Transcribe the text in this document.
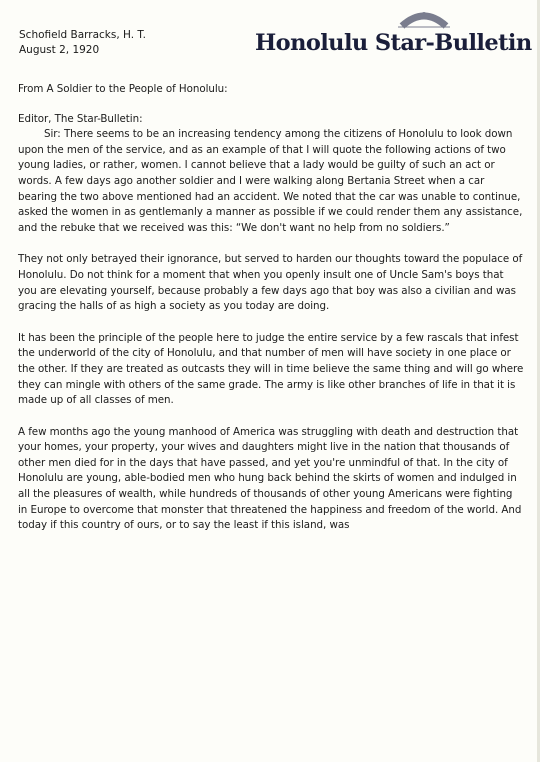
Schofield Barracks, H. T.
August 2, 1920	Honolulu Star-Bulletin

From A Soldier to the People of Honolulu:

Editor, The Star-Bulletin:

Sir: There seems to be an increasing tendency among the citizens of Honolulu to look down upon the men of the service, and as an example of that I will quote the following actions of two young ladies, or rather, women. I cannot believe that a lady would be guilty of such an act or words. A few days ago another soldier and I were walking along Bertania Street when a car bearing the two above mentioned had an accident. We noted that the car was unable to continue, asked the women in as gentlemanly a manner as possible if we could render them any assistance, and the rebuke that we received was this: “We don't want no help from no soldiers.”

They not only betrayed their ignorance, but served to harden our thoughts toward the populace of Honolulu. Do not think for a moment that when you openly insult one of Uncle Sam's boys that you are elevating yourself, because probably a few days ago that boy was also a civilian and was gracing the halls of as high a society as you today are doing.

It has been the principle of the people here to judge the entire service by a few rascals that infest the underworld of the city of Honolulu, and that number of men will have society in one place or the other. If they are treated as outcasts they will in time believe the same thing and will go where they can mingle with others of the same grade. The army is like other branches of life in that it is made up of all classes of men.

A few months ago the young manhood of America was struggling with death and destruction that your homes, your property, your wives and daughters might live in the nation that thousands of other men died for in the days that have passed, and yet you're unmindful of that. In the city of Honolulu are young, able-bodied men who hung back behind the skirts of women and indulged in all the pleasures of wealth, while hundreds of thousands of other young Americans were fighting in Europe to overcome that monster that threatened the happiness and freedom of the world. And today if this country of ours, or to say the least if this island, was
